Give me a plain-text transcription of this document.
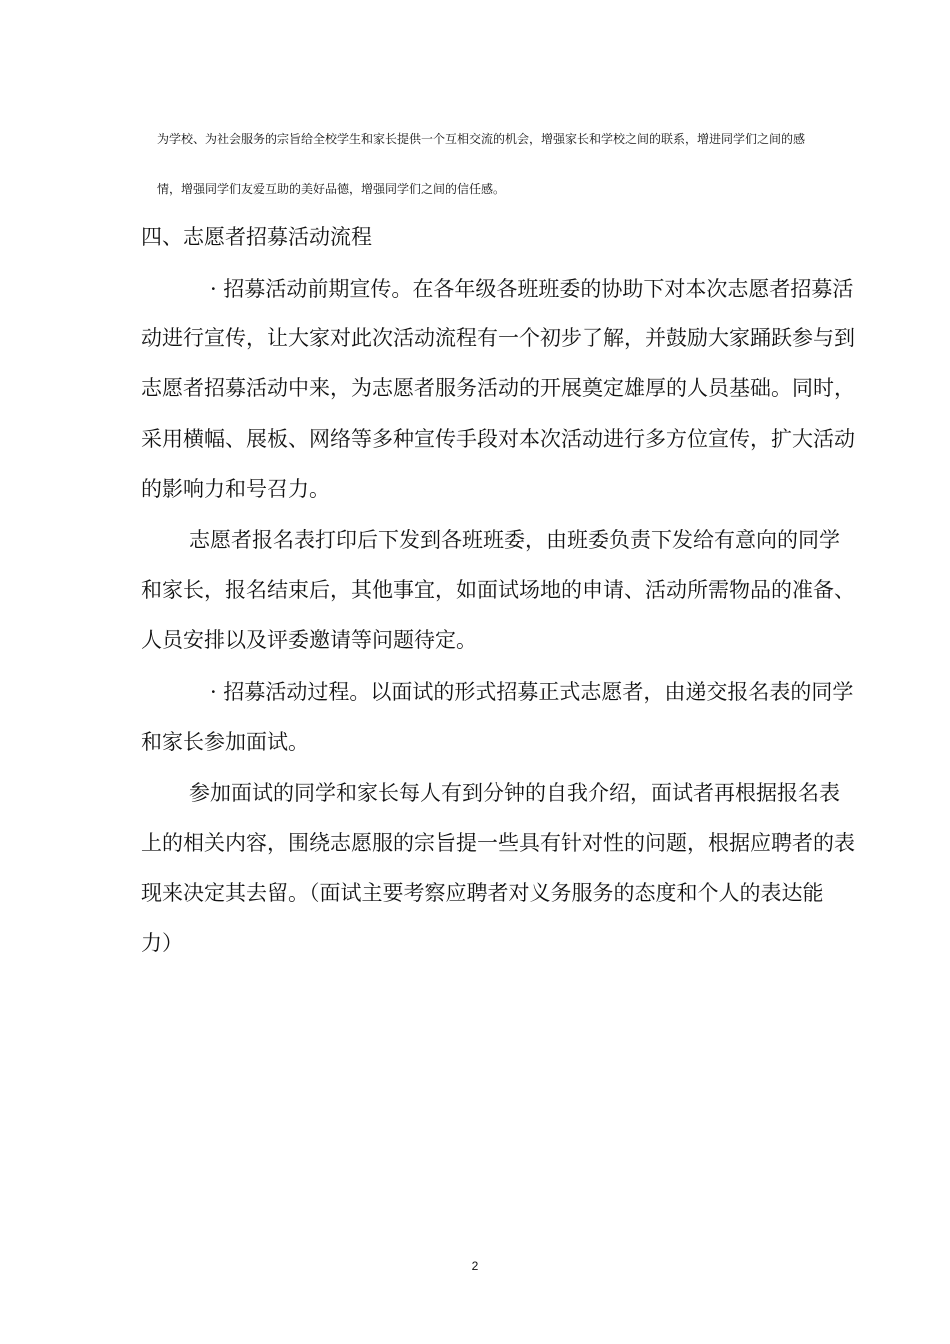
为学校、为社会服务的宗旨给全校学生和家长提供一个互相交流的机会，增强家长和学校之间的联系，增进同学们之间的感

情，增强同学们友爱互助的美好品德，增强同学们之间的信任感。

四、志愿者招募活动流程

· 招募活动前期宣传。在各年级各班班委的协助下对本次志愿者招募活

动进行宣传，让大家对此次活动流程有一个初步了解，并鼓励大家踊跃参与到

志愿者招募活动中来，为志愿者服务活动的开展奠定雄厚的人员基础。同时，

采用横幅、展板、网络等多种宣传手段对本次活动进行多方位宣传，扩大活动

的影响力和号召力。

志愿者报名表打印后下发到各班班委，由班委负责下发给有意向的同学

和家长，报名结束后，其他事宜，如面试场地的申请、活动所需物品的准备、

人员安排以及评委邀请等问题待定。

· 招募活动过程。以面试的形式招募正式志愿者，由递交报名表的同学

和家长参加面试。

参加面试的同学和家长每人有到分钟的自我介绍，面试者再根据报名表

上的相关内容，围绕志愿服的宗旨提一些具有针对性的问题，根据应聘者的表

现来决定其去留。（面试主要考察应聘者对义务服务的态度和个人的表达能

力）

2
